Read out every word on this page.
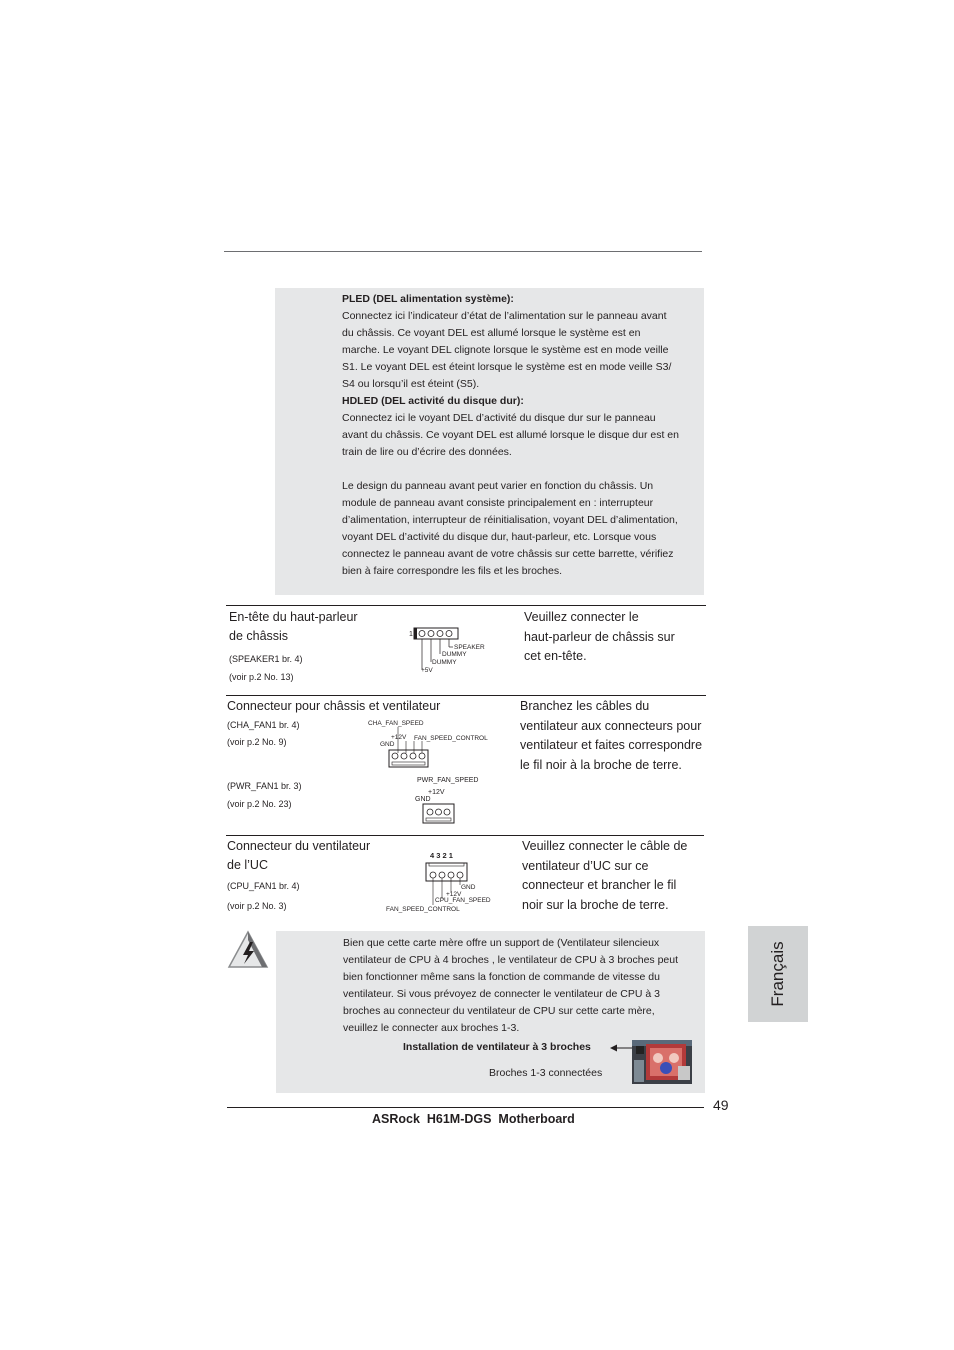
PLED (DEL alimentation système):

Connectez ici l’indicateur d’état de l’alimentation sur le panneau avant

du châssis. Ce voyant DEL est allumé lorsque le système est en

marche. Le voyant DEL clignote lorsque le système est en mode veille

S1. Le voyant DEL est éteint lorsque le système est en mode veille S3/

S4 ou lorsqu’il est éteint (S5).

HDLED (DEL activité du disque dur):

Connectez ici le voyant DEL d’activité du disque dur sur le panneau

avant du châssis. Ce voyant DEL est allumé lorsque le disque dur est en

train de lire ou d’écrire des données.

Le design du panneau avant peut varier en fonction du châssis. Un

module de panneau avant consiste principalement en : interrupteur

d’alimentation, interrupteur de réinitialisation, voyant DEL d’alimentation,

voyant DEL d’activité du disque dur, haut-parleur, etc. Lorsque vous

connectez le panneau avant de votre châssis sur cette barrette, vérifiez

bien à faire correspondre les fils et les broches.

En-tête du haut-parleur
de châssis
(SPEAKER1 br. 4)
(voir p.2 No. 13)
1
SPEAKER
DUMMY
DUMMY
+5V
Veuillez connecter le
haut-parleur de châssis sur
cet en-tête.
Connecteur pour châssis et ventilateur
(CHA_FAN1 br. 4)
(voir p.2 No. 9)
(PWR_FAN1 br. 3)
(voir p.2 No. 23)
CHA_FAN_SPEED
+12V FAN_SPEED_CONTROL
GND
PWR_FAN_SPEED
+12V
GND
Branchez les câbles du
ventilateur aux connecteurs pour
ventilateur et faites correspondre
le fil noir à la broche de terre.
Connecteur du ventilateur
de l’UC
(CPU_FAN1 br. 4)
(voir p.2 No. 3)
4 3 2 1
GND
+12V
CPU_FAN_SPEED
FAN_SPEED_CONTROL
Veuillez connecter le câble de
ventilateur d’UC sur ce
connecteur et brancher le fil
noir sur la broche de terre.

Bien que cette carte mère offre un support de (Ventilateur silencieux

ventilateur de CPU à 4 broches , le ventilateur de CPU à 3 broches peut

bien fonctionner même sans la fonction de commande de vitesse du

ventilateur. Si vous prévoyez de connecter le ventilateur de CPU à 3

broches au connecteur du ventilateur de CPU sur cette carte mère,

veuillez le connecter aux broches 1-3.

Installation de ventilateur à 3 broches
Broches 1-3 connectées
49
ASRock  H61M-DGS  Motherboard
Français
